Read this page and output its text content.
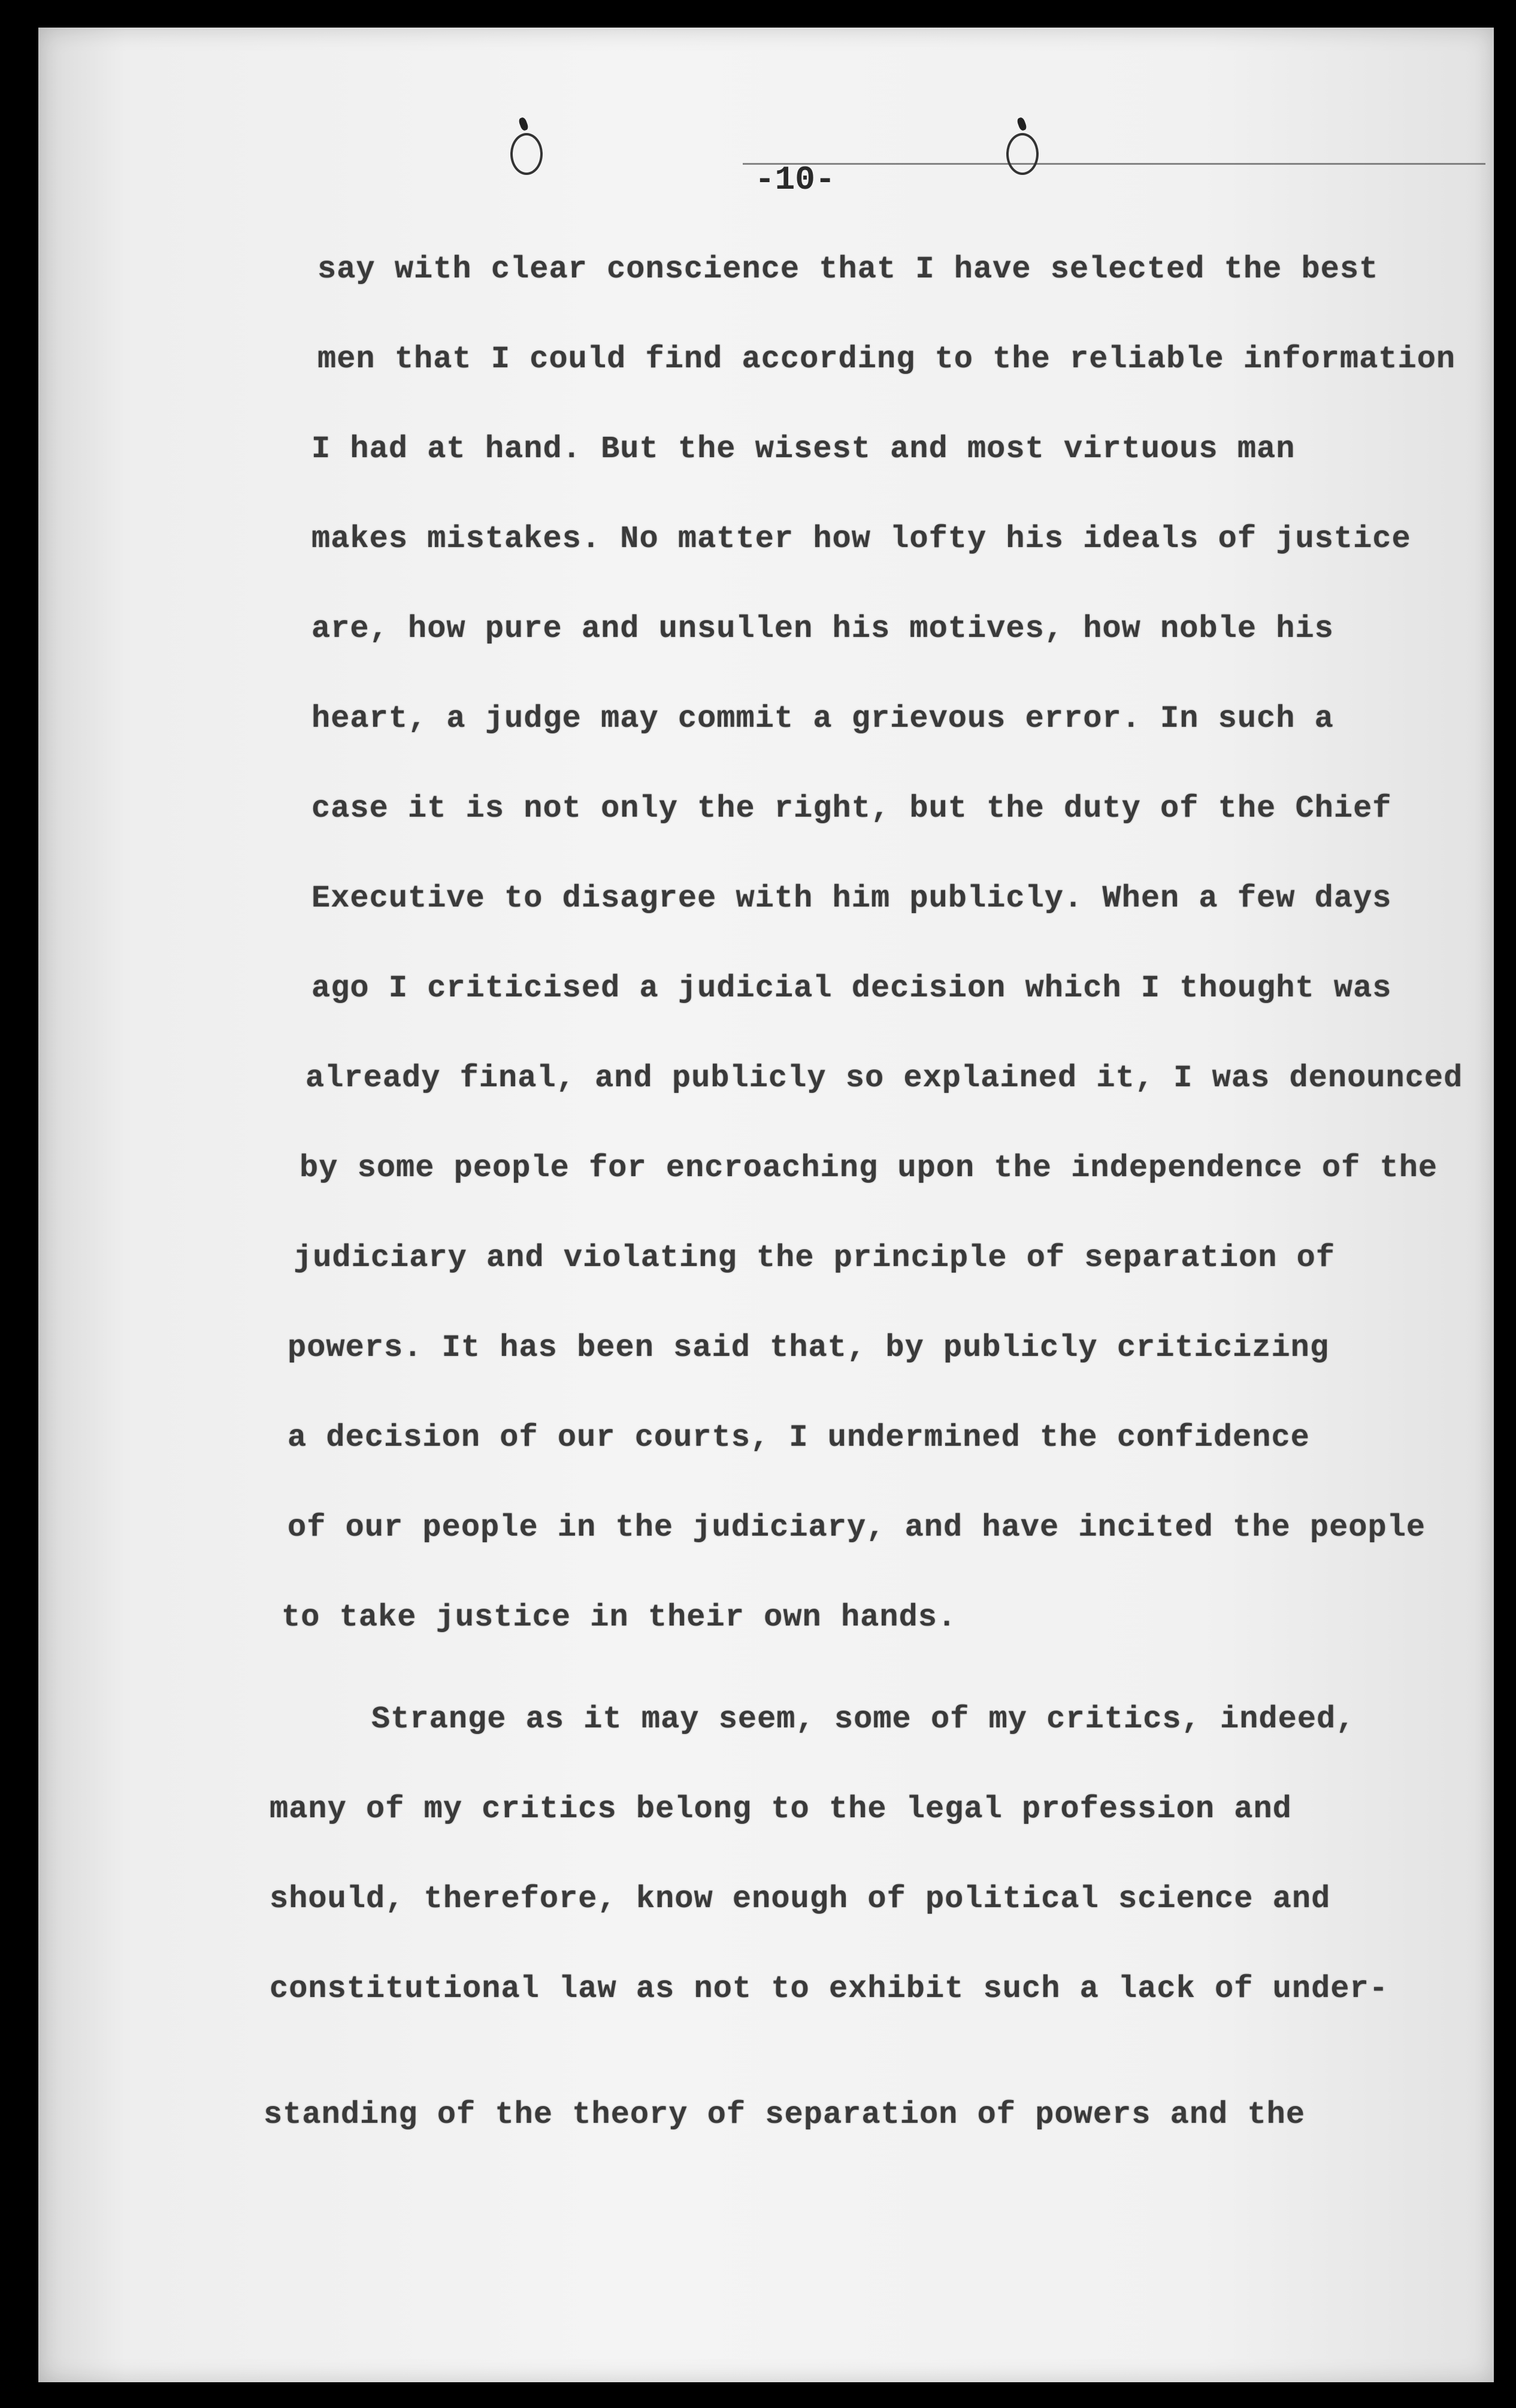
-10-
say with clear conscience that I have selected the best
men that I could find according to the reliable information
I had at hand. But the wisest and most virtuous man
makes mistakes. No matter how lofty his ideals of justice
are, how pure and unsullen his motives, how noble his
heart, a judge may commit a grievous error. In such a
case it is not only the right, but the duty of the Chief
Executive to disagree with him publicly. When a few days
ago I criticised a judicial decision which I thought was
already final, and publicly so explained it, I was denounced
by some people for encroaching upon the independence of the
judiciary and violating the principle of separation of
powers. It has been said that, by publicly criticizing
a decision of our courts, I undermined the confidence
of our people in the judiciary, and have incited the people
to take justice in their own hands.
Strange as it may seem, some of my critics, indeed,
many of my critics belong to the legal profession and
should, therefore, know enough of political science and
constitutional law as not to exhibit such a lack of under-
standing of the theory of separation of powers and the
